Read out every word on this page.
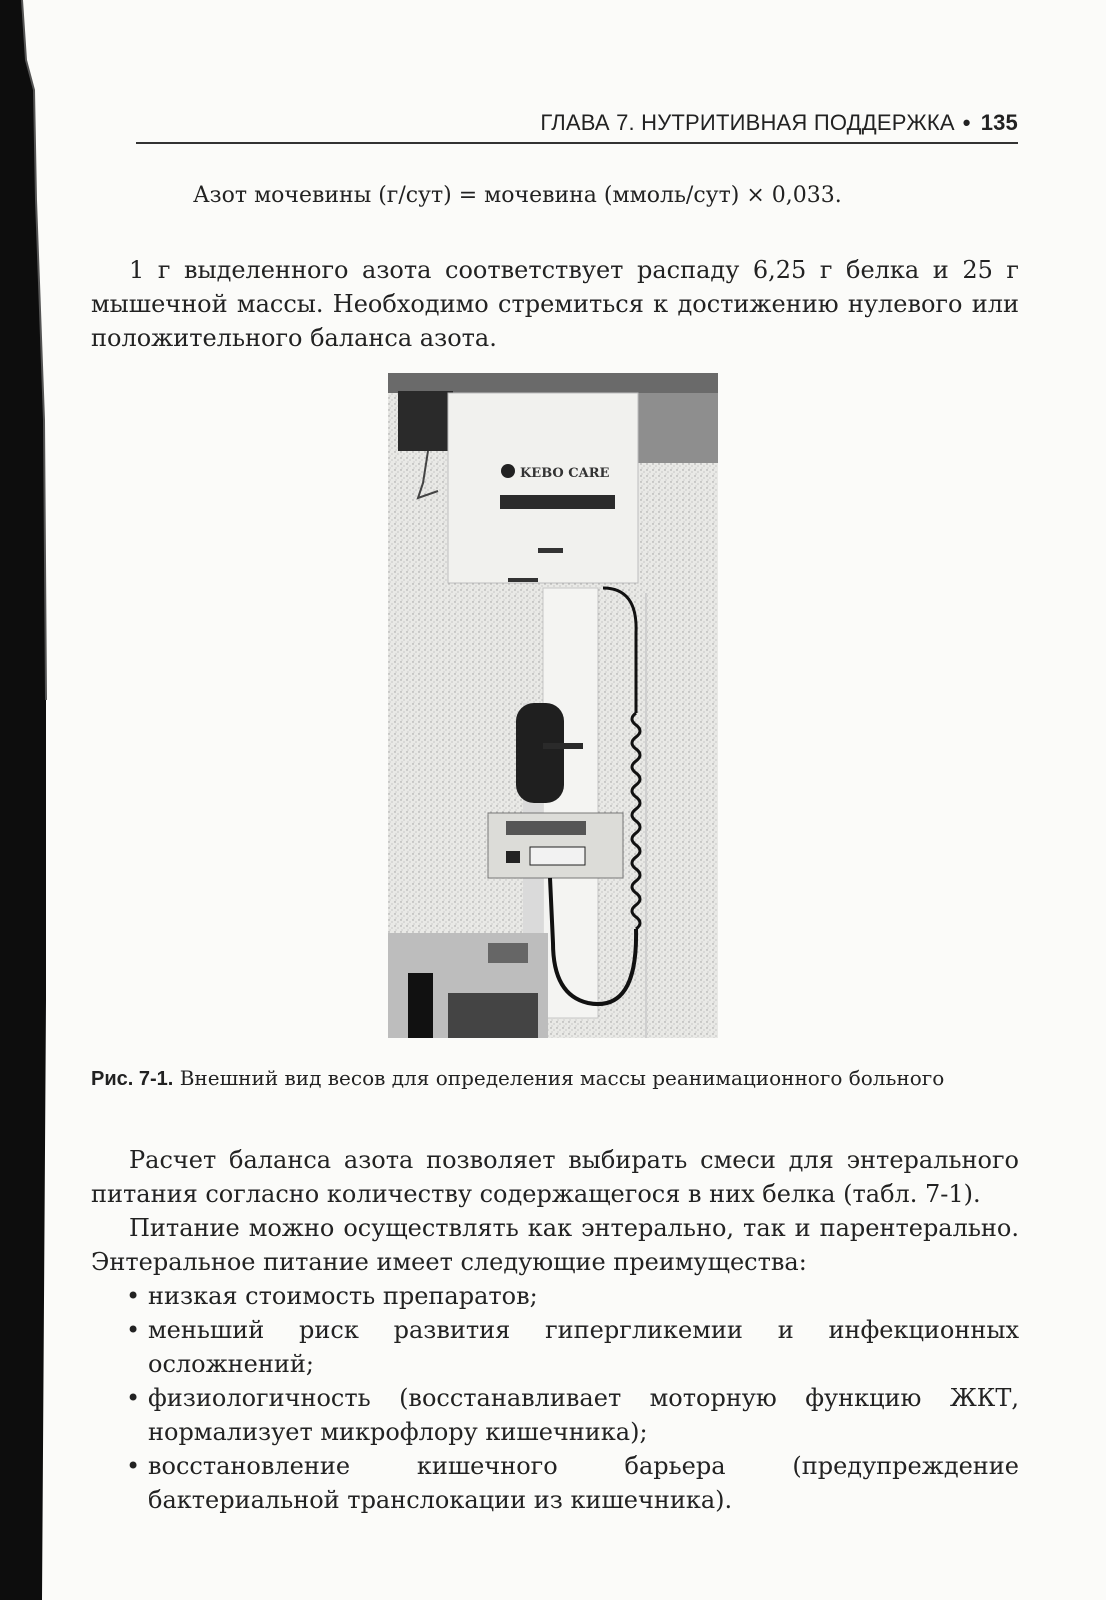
ГЛАВА 7. НУТРИТИВНАЯ ПОДДЕРЖКА • 135
Азот мочевины (г/сут) = мочевина (ммоль/сут) × 0,033.
1 г выделенного азота соответствует распаду 6,25 г белка и 25 г мышечной массы. Необходимо стремиться к достижению нулевого или положительного баланса азота.
KEBO CARE
Рис. 7-1. Внешний вид весов для определения массы реанимационного больного
Расчет баланса азота позволяет выбирать смеси для энтерального питания согласно количеству содержащегося в них белка (табл. 7-1).
Питание можно осуществлять как энтерально, так и парентерально. Энтеральное питание имеет следующие преимущества:
• низкая стоимость препаратов;
• меньший риск развития гипергликемии и инфекционных осложнений;
• физиологичность (восстанавливает моторную функцию ЖКТ, нормализует микрофлору кишечника);
• восстановление кишечного барьера (предупреждение бактериальной транслокации из кишечника).
